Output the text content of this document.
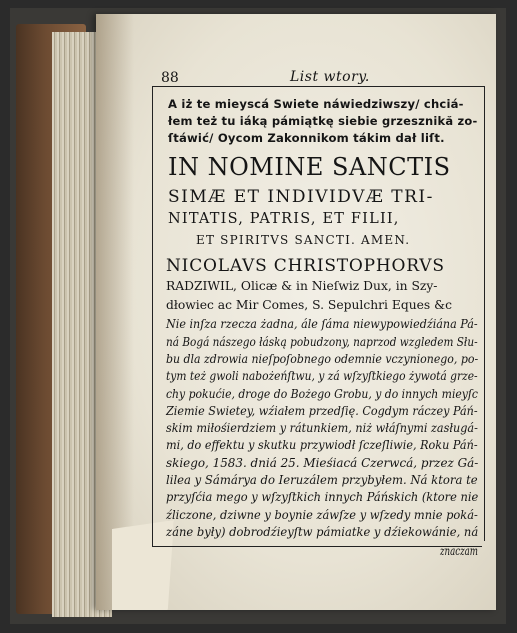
88	List wtory.

A iż te mieyscá Swiete náwiedziwszy/ chciá-

łem też tu iáką pámiątkę siebie grzesznikă zo-

ſtáwić/ Oycom Zakonnikom tákim dał liſt.

IN NOMINE SANCTIS

SIMÆ ET INDIVIDVÆ TRI-

NITATIS, PATRIS, ET FILII,

ET SPIRITVS SANCTI. AMEN.

NICOLAVS CHRISTOPHORVS

RADZIWIL, Olicæ & in Nieſwiz Dux, in Szy-

dłowiec ac Mir Comes, S. Sepulchri Eques &c

Nie inſza rzecza żadna, ále ſáma niewypowiedźiána Pá-

ná Bogá nászego łáską pobudzony, naprzod wzgledem Słu-

bu dla zdrowia nieſpoſobnego odemnie vczynionego, po-

tym też gwoli nabożeńſtwu, y zá wſzyſtkiego żywotá grze-

chy pokućie, droge do Bożego Grobu, y do innych mieyſc

Ziemie Swietey, wźiałem przedſię. Cogdym ráczey Páń-

skim miłośierdziem y rátunkiem, niż włáſnymi zasługá-

mi, do effektu y skutku przywiodł ſczeſliwie, Roku Páń-

skiego, 1583. dniá 25. Mieśiacá Czerwcá, przez Gá-

lilea y Sámárya do Ieruzálem przybyłem. Ná ktora te

przyſćia mego y wſzyſtkich innych Páńskich (ktore nie

źliczone, dziwne y boynie záwſze y wſzedy mnie poká-

záne były) dobrodźieyſtw pámiatke y dźiekowánie, ná

znaczam
